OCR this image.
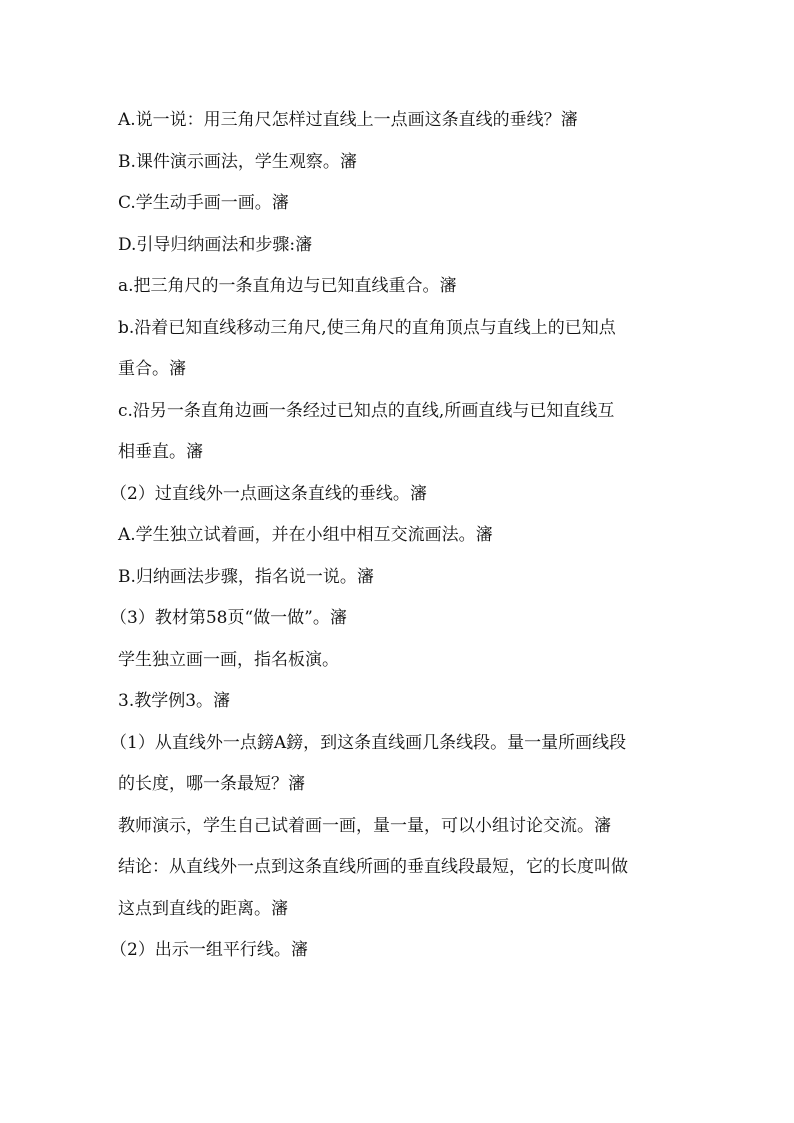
A.说一说：用三角尺怎样过直线上一点画这条直线的垂线？瀋

B.课件演示画法，学生观察。瀋

C.学生动手画一画。瀋

D.引导归纳画法和步骤:瀋

a.把三角尺的一条直角边与已知直线重合。瀋

b.沿着已知直线移动三角尺,使三角尺的直角顶点与直线上的已知点

重合。瀋

c.沿另一条直角边画一条经过已知点的直线,所画直线与已知直线互

相垂直。瀋

（2）过直线外一点画这条直线的垂线。瀋

A.学生独立试着画，并在小组中相互交流画法。瀋

B.归纳画法步骤，指名说一说。瀋

（3）教材第58页“做一做”。瀋

学生独立画一画，指名板演。

3.教学例3。瀋

（1）从直线外一点鎊A鎊，到这条直线画几条线段。量一量所画线段

的长度，哪一条最短？瀋

教师演示，学生自己试着画一画，量一量，可以小组讨论交流。瀋

结论：从直线外一点到这条直线所画的垂直线段最短，它的长度叫做

这点到直线的距离。瀋

（2）出示一组平行线。瀋
